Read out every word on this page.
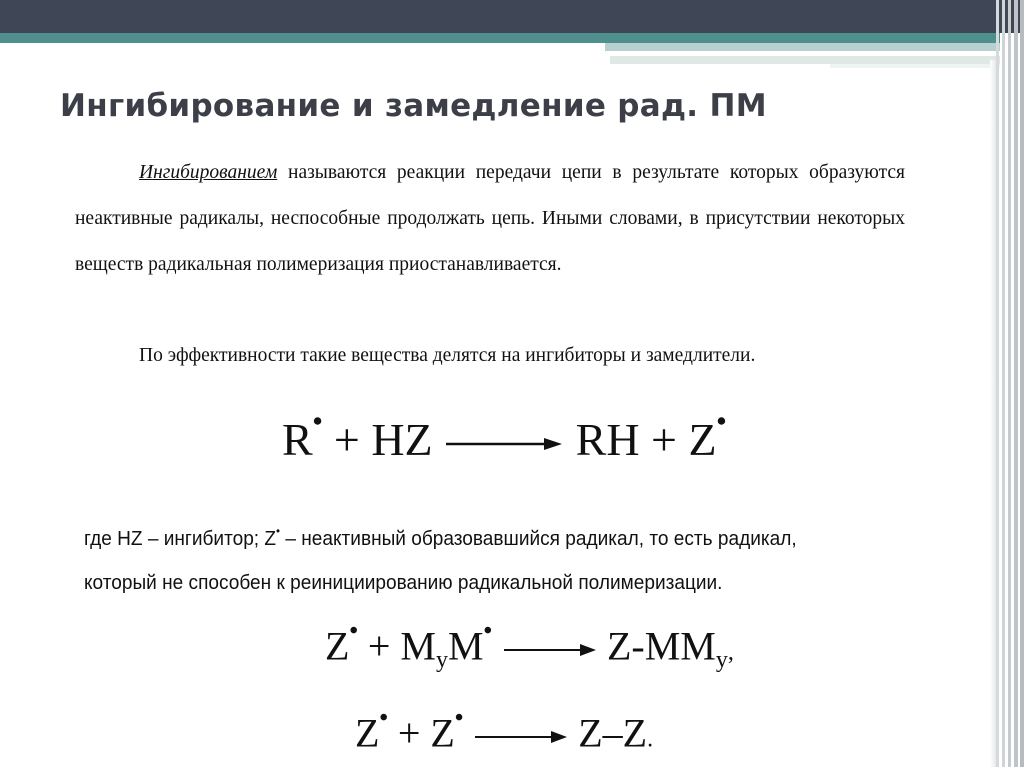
Ингибирование и замедление рад. ПМ

Ингибированием называются реакции передачи цепи в результате которых образуются неактивные радикалы, неспособные продолжать цепь. Иными словами, в присутствии некоторых веществ радикальная полимеризация приостанавливается.

По эффективности такие вещества делятся на ингибиторы и замедлители.

R• + HZ → RH + Z•

где HZ – ингибитор; Z• – неактивный образовавшийся радикал, то есть радикал,

который не способен к реинициированию радикальной полимеризации.

$Z^• + M_yM^• \to Z-MM_y$,
Z• + Z• → Z–Z.
